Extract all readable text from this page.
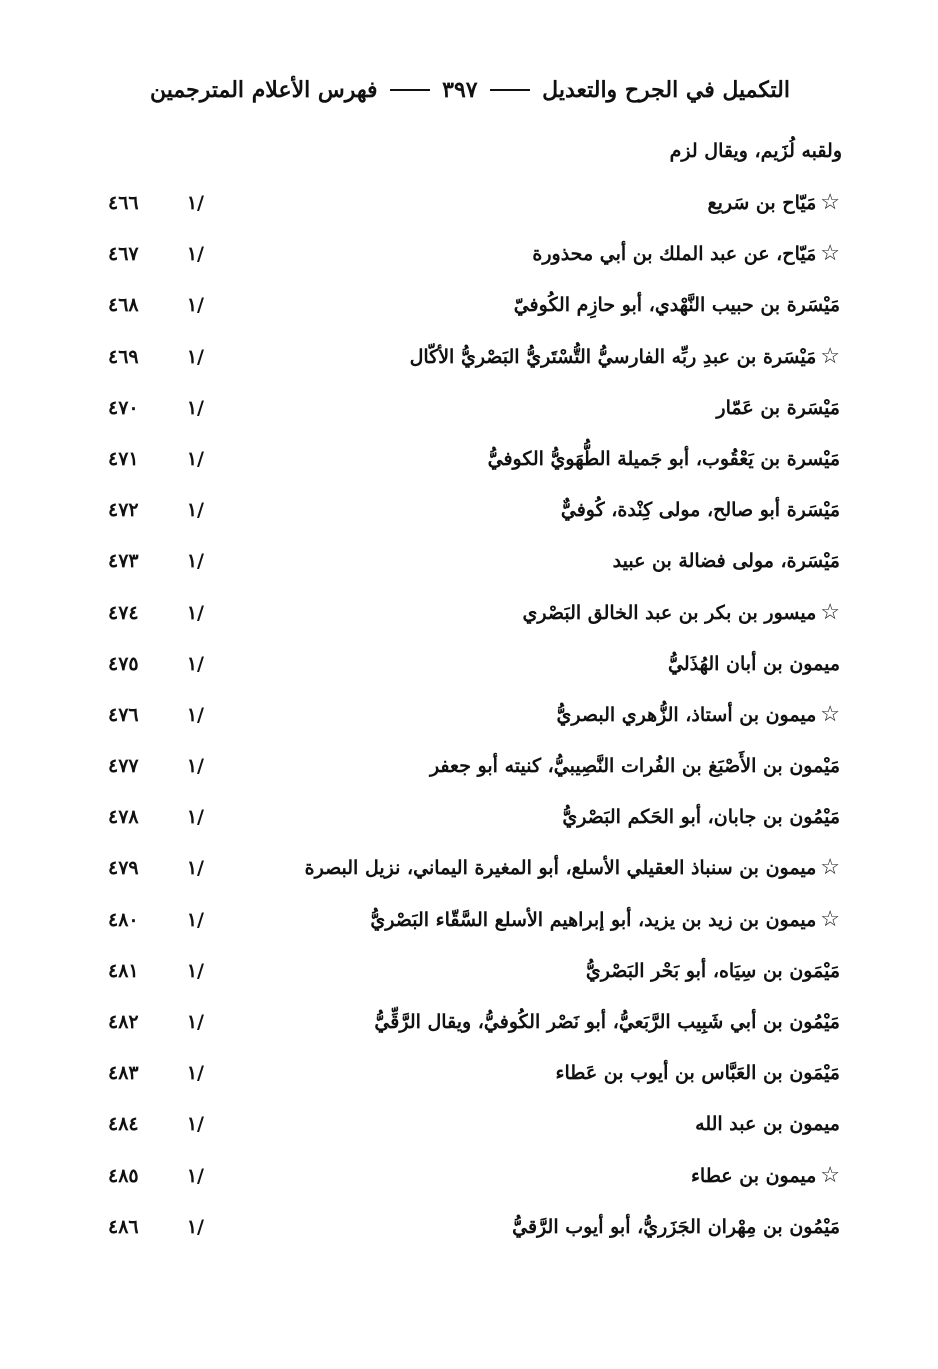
التكميل في الجرح والتعديل
٣٩٧
فهرس الأعلام المترجمين
ولقبه لُزَيم، ويقال لزم
☆مَيّاح بن سَريع
٤٦٦	١/
☆مَيّاح، عن عبد الملك بن أبي محذورة
٤٦٧	١/
مَيْسَرة بن حبيب النَّهْدي، أبو حازِم الكُوفيّ
٤٦٨	١/
☆مَيْسَرة بن عبدِ ربِّه الفارسيُّ التُّسْتَريُّ البَصْريُّ الأكّال
٤٦٩	١/
مَيْسَرة بن عَمّار
٤٧٠	١/
مَيْسرة بن يَعْقُوب، أبو جَميلة الطُّهَويُّ الكوفيُّ
٤٧١	١/
مَيْسَرة أبو صالح، مولى كِنْدة، كُوفيٌّ
٤٧٢	١/
مَيْسَرة، مولى فضالة بن عبيد
٤٧٣	١/
☆ميسور بن بكر بن عبد الخالق البَصْري
٤٧٤	١/
ميمون بن أبان الهُذَليُّ
٤٧٥	١/
☆ميمون بن أستاذ، الزُّهري البصريُّ
٤٧٦	١/
مَيْمون بن الأَصْبَغ بن الفُرات النَّصِيبيُّ، كنيته أبو جعفر
٤٧٧	١/
مَيْمُون بن جابان، أبو الحَكم البَصْريُّ
٤٧٨	١/
☆ميمون بن سنباذ العقيلي الأسلع، أبو المغيرة اليماني، نزيل البصرة
٤٧٩	١/
☆ميمون بن زيد بن يزيد، أبو إبراهيم الأسلع السَّقّاء البَصْريُّ
٤٨٠	١/
مَيْمَون بن سِيَاه، أبو بَحْر البَصْريُّ
٤٨١	١/
مَيْمُون بن أبي شَبِيب الرَّبَعيُّ، أبو نَصْر الكُوفيُّ، ويقال الرَّقِّيُّ
٤٨٢	١/
مَيْمَون بن العَبَّاس بن أيوب بن عَطاء
٤٨٣	١/
ميمون بن عبد الله
٤٨٤	١/
☆ميمون بن عطاء
٤٨٥	١/
مَيْمُون بن مِهْران الجَزَريُّ، أبو أيوب الرَّقيُّ
٤٨٦	١/
